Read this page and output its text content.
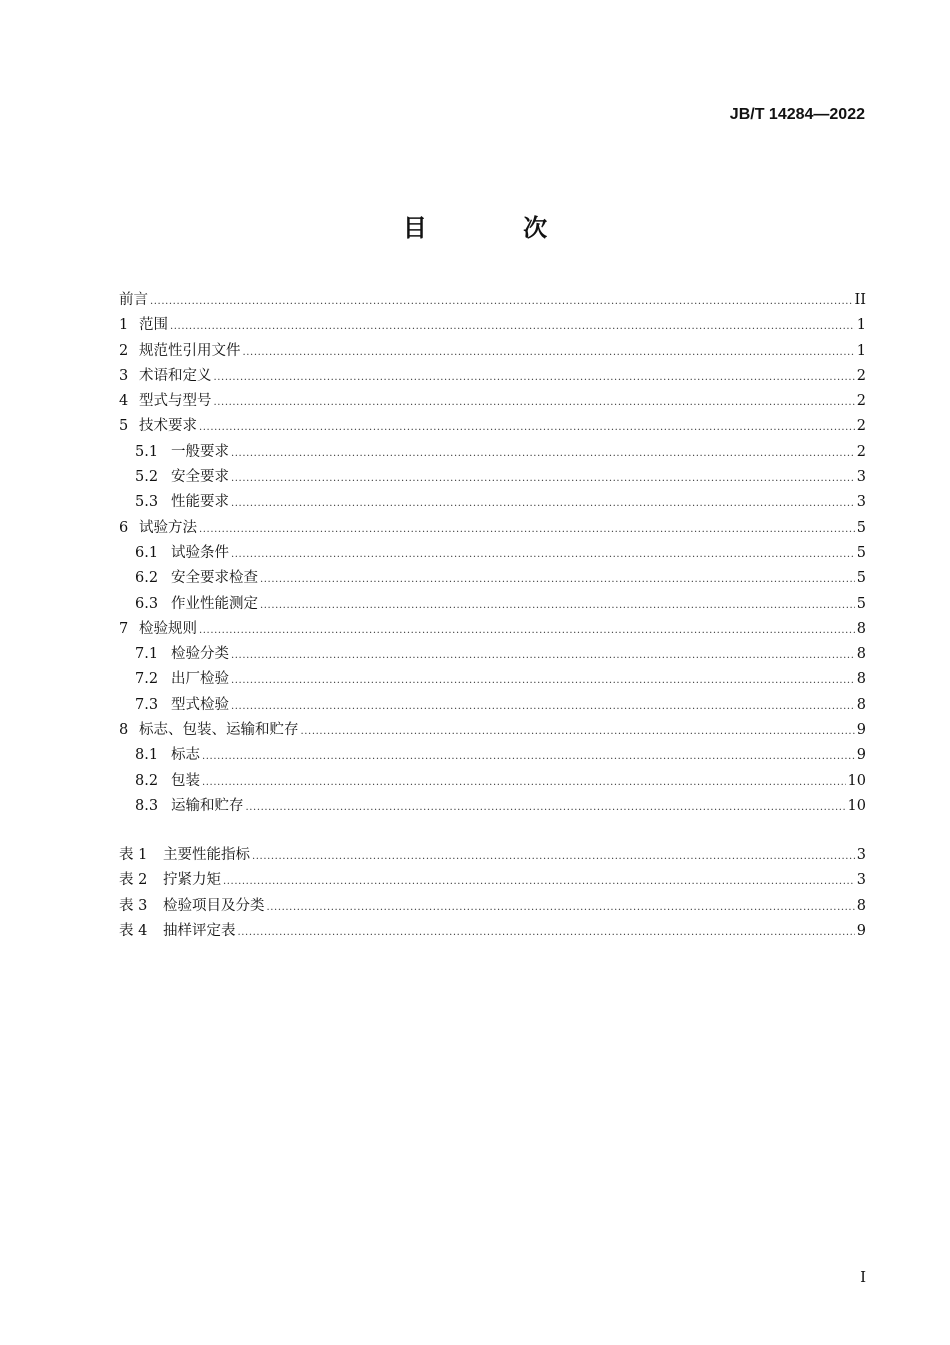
JB/T 14284—2022
目 次
前言 .....	II
1 范围 .....	1
2 规范性引用文件 .....	1
3 术语和定义 .....	2
4 型式与型号 .....	2
5 技术要求 .....	2
5.1 一般要求 .....	2
5.2 安全要求 .....	3
5.3 性能要求 .....	3
6 试验方法 .....	5
6.1 试验条件 .....	5
6.2 安全要求检查 .....	5
6.3 作业性能测定 .....	5
7 检验规则 .....	8
7.1 检验分类 .....	8
7.2 出厂检验 .....	8
7.3 型式检验 .....	8
8 标志、包装、运输和贮存 .....	9
8.1 标志 .....	9
8.2 包装 .....	10
8.3 运输和贮存 .....	10
表 1	主要性能指标 .....	3
表 2	拧紧力矩 .....	3
表 3	检验项目及分类 .....	8
表 4	抽样评定表 .....	9
I
